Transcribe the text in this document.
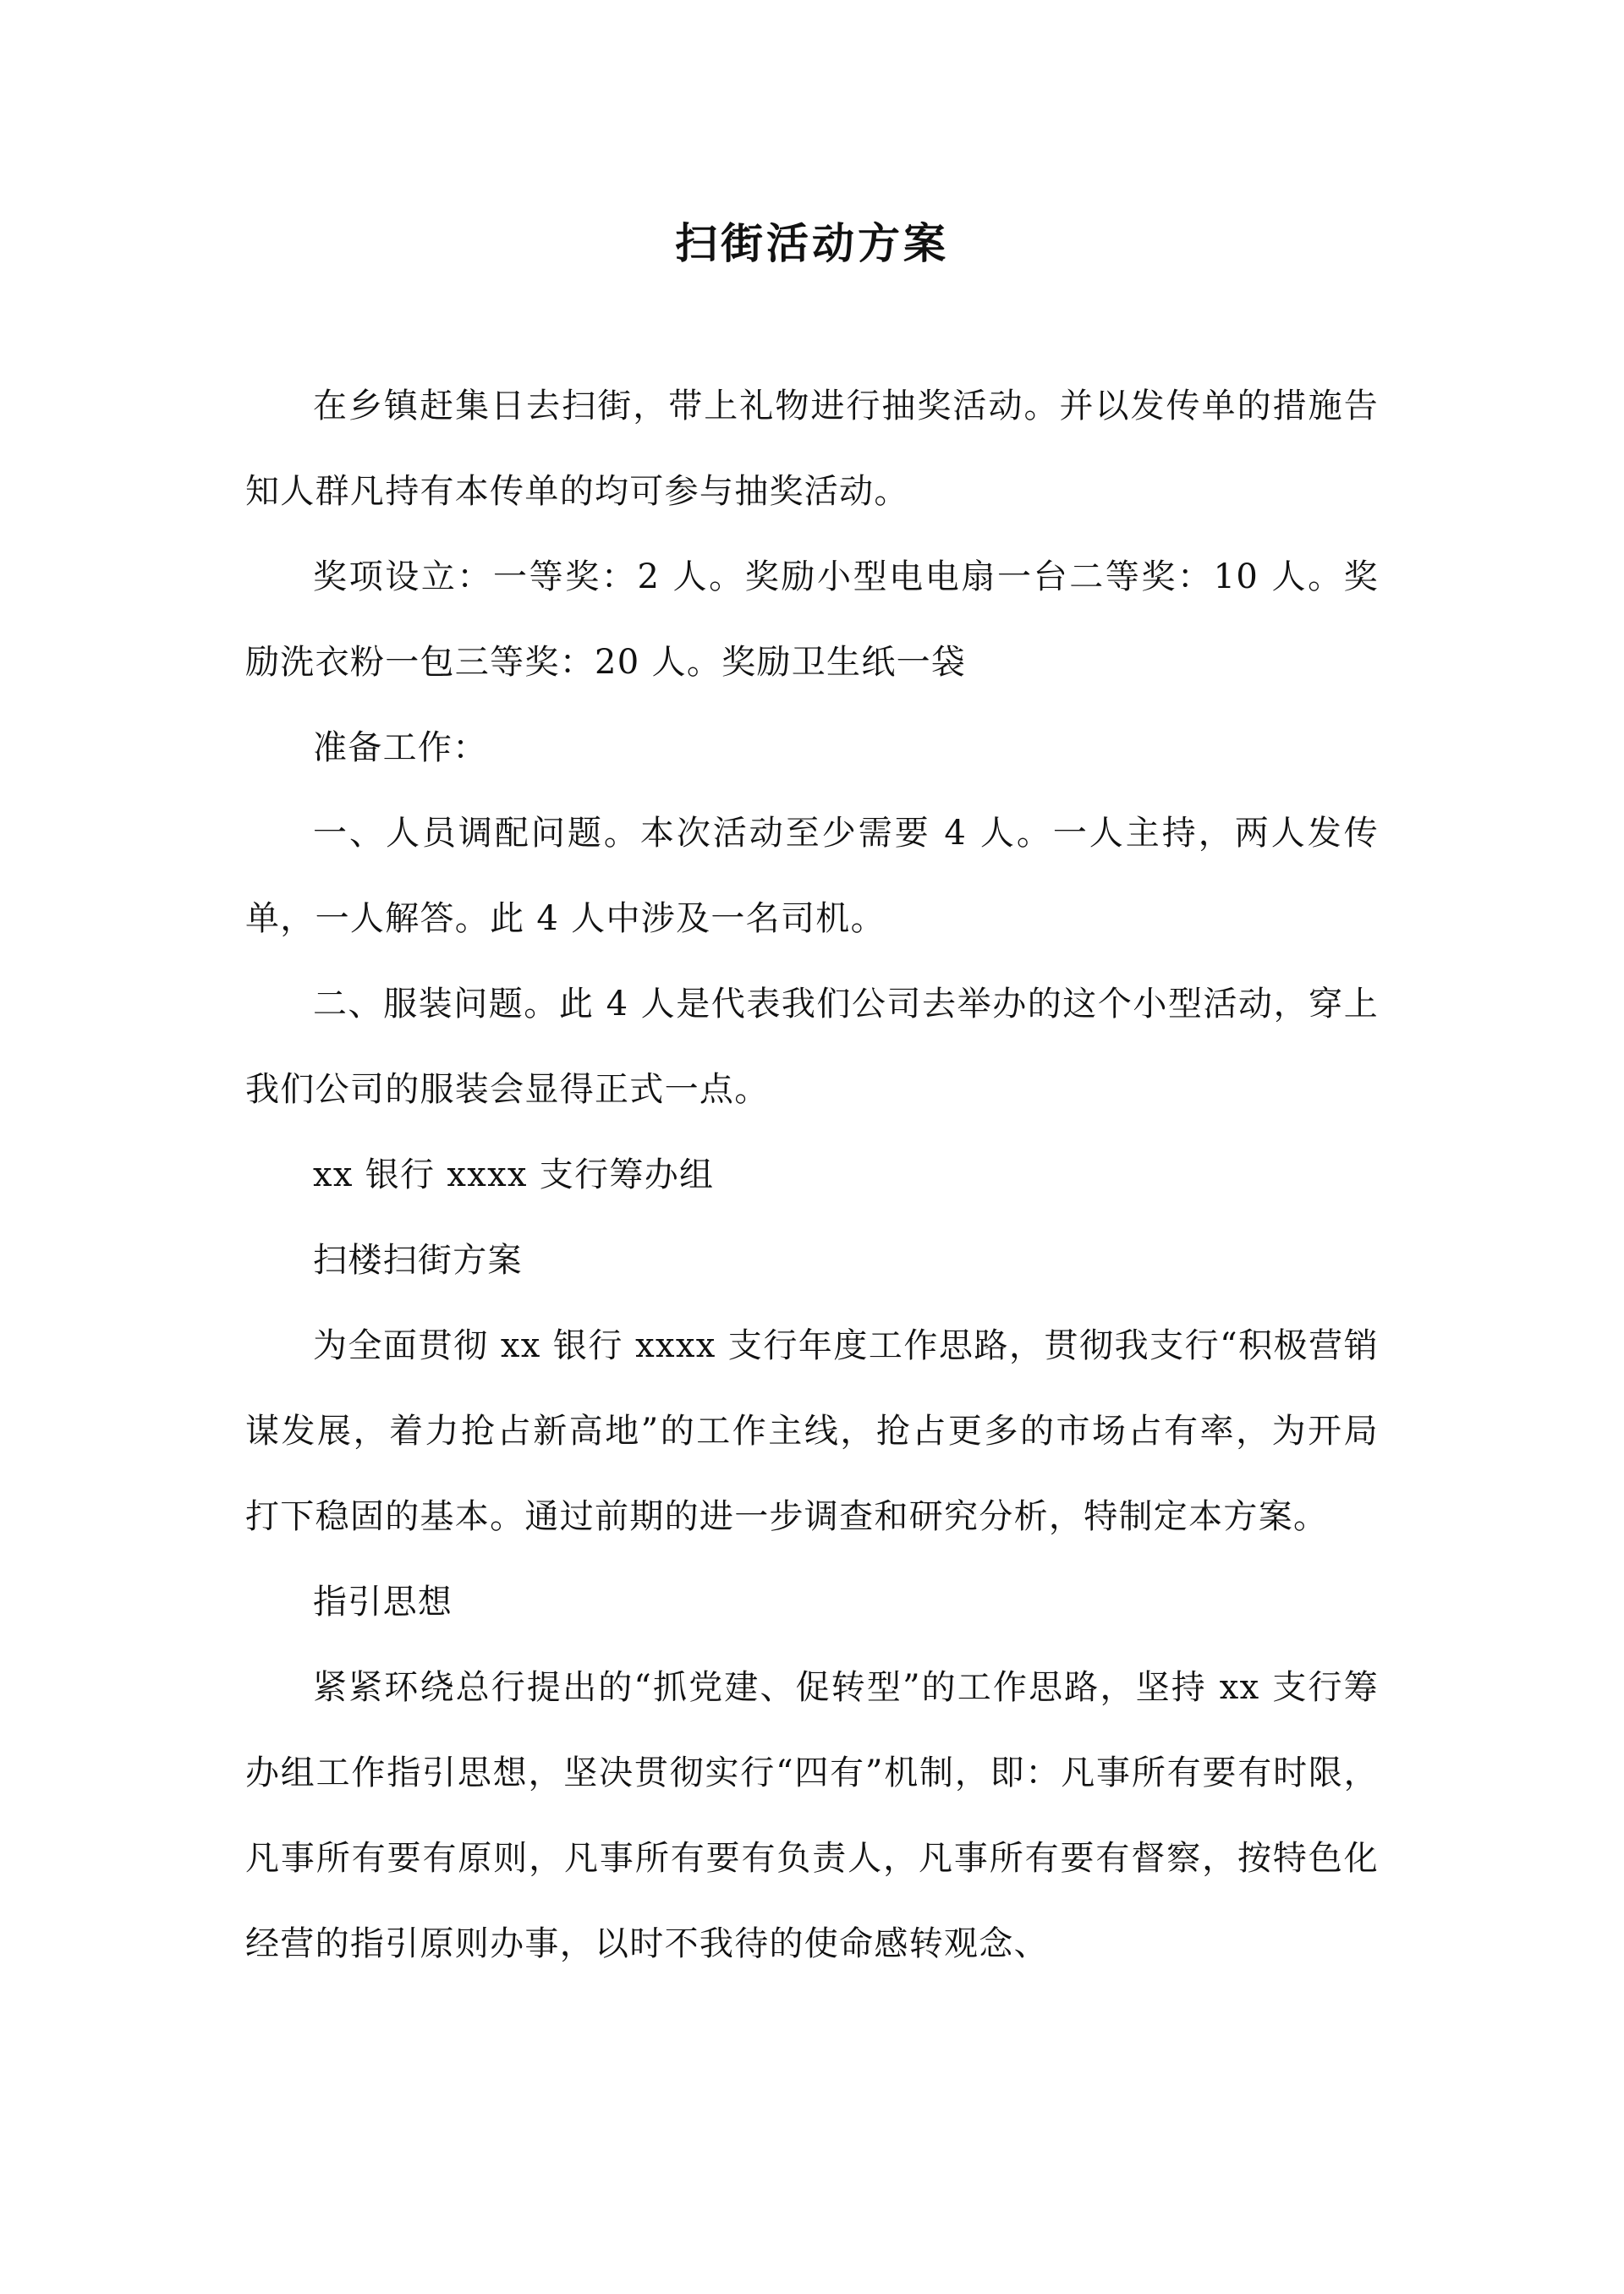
扫街活动方案

在乡镇赶集日去扫街，带上礼物进行抽奖活动。并以发传单的措施告知人群凡持有本传单的均可参与抽奖活动。

奖项设立：一等奖：2 人。奖励小型电电扇一台二等奖：10 人。奖励洗衣粉一包三等奖：20 人。奖励卫生纸一袋

准备工作：

一、人员调配问题。本次活动至少需要 4 人。一人主持，两人发传单，一人解答。此 4 人中涉及一名司机。

二、服装问题。此 4 人是代表我们公司去举办的这个小型活动，穿上我们公司的服装会显得正式一点。

xx 银行 xxxx 支行筹办组

扫楼扫街方案

为全面贯彻 xx 银行 xxxx 支行年度工作思路，贯彻我支行“积极营销谋发展，着力抢占新高地”的工作主线，抢占更多的市场占有率，为开局打下稳固的基本。通过前期的进一步调查和研究分析，特制定本方案。

指引思想

紧紧环绕总行提出的“抓党建、促转型”的工作思路，坚持 xx 支行筹办组工作指引思想，坚决贯彻实行“四有”机制，即：凡事所有要有时限，凡事所有要有原则，凡事所有要有负责人，凡事所有要有督察，按特色化经营的指引原则办事，以时不我待的使命感转观念、
